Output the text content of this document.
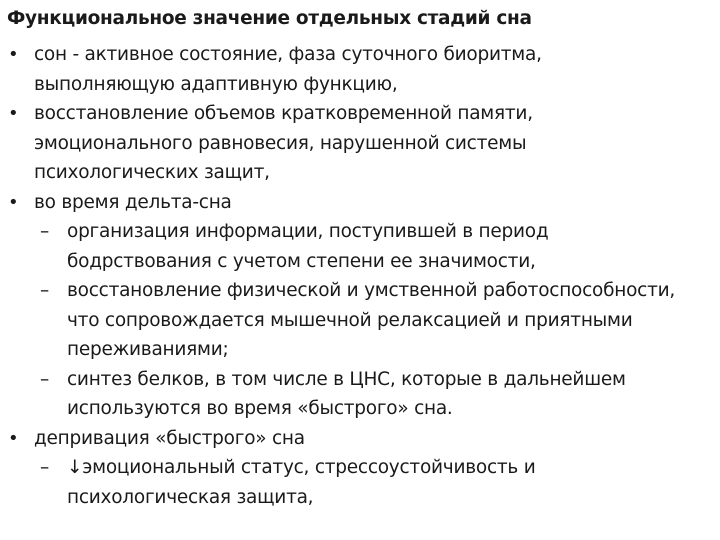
Функциональное значение отдельных стадий сна
• сон - активное состояние, фаза суточного биоритма,
выполняющую адаптивную функцию,
• восстановление объемов кратковременной памяти,
эмоционального равновесия, нарушенной системы
психологических защит,
• во время дельта-сна
– организация информации, поступившей в период
бодрствования с учетом степени ее значимости,
– восстановление физической и умственной работоспособности,
что сопровождается мышечной релаксацией и приятными
переживаниями;
– синтез белков, в том числе в ЦНС, которые в дальнейшем
используются во время «быстрого» сна.
• депривация «быстрого» сна
– ↓эмоциональный статус, стрессоустойчивость и
психологическая защита,
